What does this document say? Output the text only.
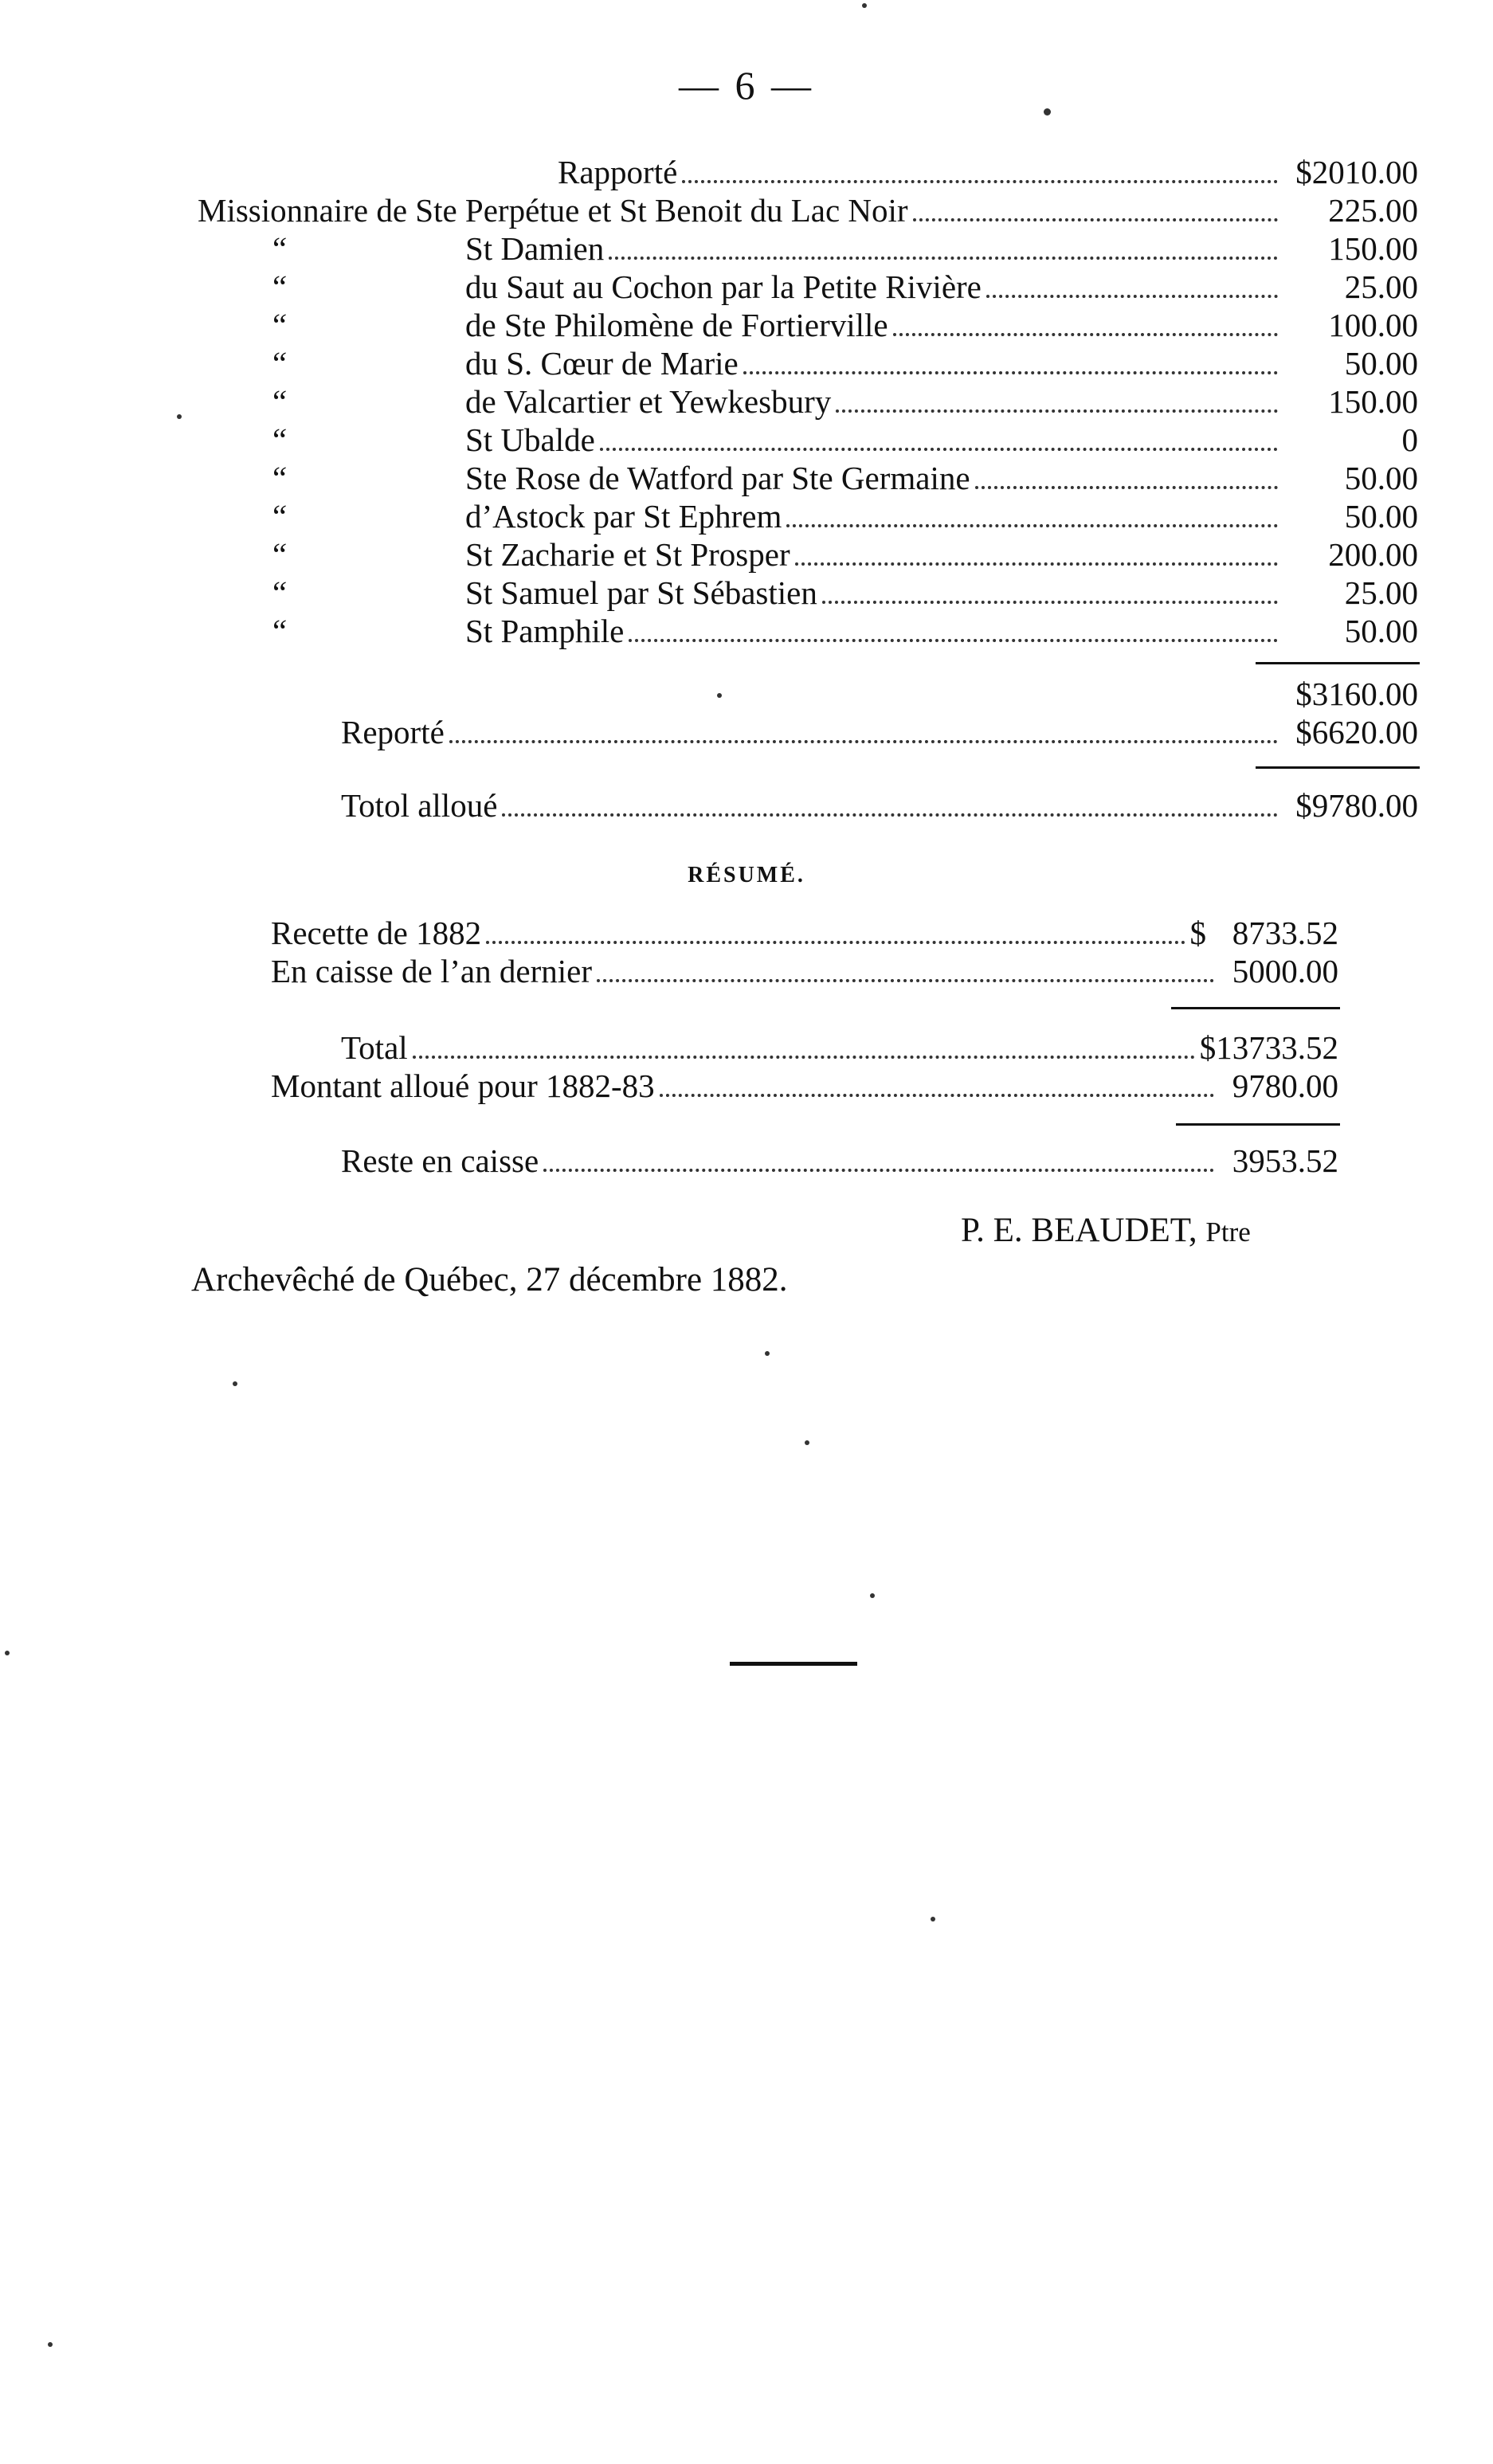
— 6 —
Rapporté	$2010.00
Missionnaire de Ste Perpétue et St Benoit du Lac Noir	225.00
“	St Damien	150.00
“	du Saut au Cochon par la Petite Rivière	25.00
“	de Ste Philomène de Fortierville	100.00
“	du S. Cœur de Marie	50.00
“	de Valcartier et Yewkesbury	150.00
“	St Ubalde	0
“	Ste Rose de Watford par Ste Germaine	50.00
“	d’Astock par St Ephrem	50.00
“	St Zacharie et St Prosper	200.00
“	St Samuel par St Sébastien	25.00
“	St Pamphile	50.00
$3160.00
Reporté	$6620.00
Totol alloué	$9780.00
RÉSUMÉ.
Recette de 1882	$ 8733.52
En caisse de l’an dernier	5000.00
Total	$13733.52
Montant alloué pour 1882-83	9780.00
Reste en caisse	3953.52
P. E. BEAUDET, Ptre
Archevêché de Québec, 27 décembre 1882.
